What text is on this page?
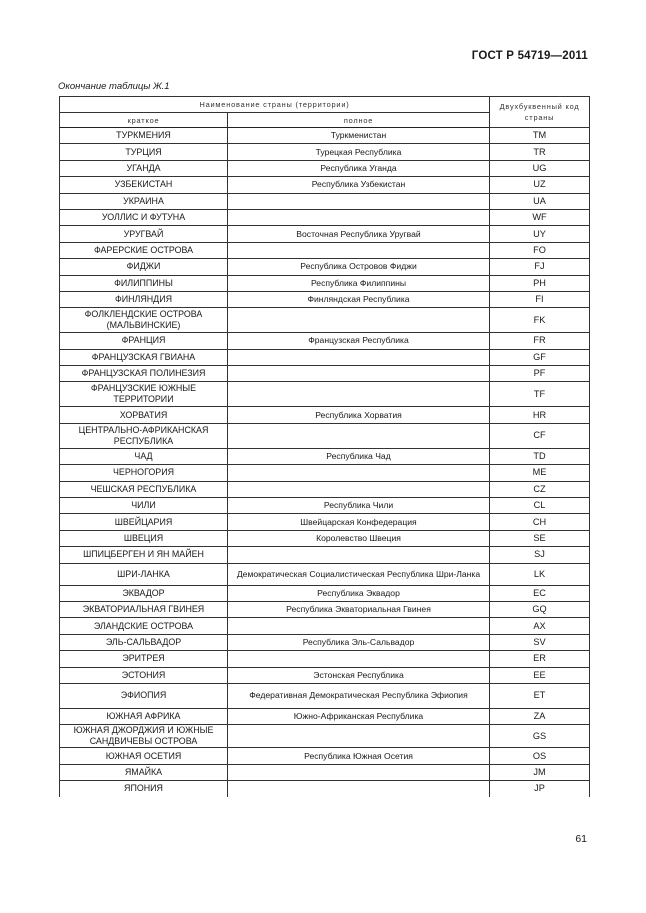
ГОСТ Р 54719—2011
Окончание таблицы Ж.1
Наименование страны (территории)		Двухбуквенный код страны
краткое	полное	
ТУРКМЕНИЯ	Туркменистан	TM
ТУРЦИЯ	Турецкая Республика	TR
УГАНДА	Республика Уганда	UG
УЗБЕКИСТАН	Республика Узбекистан	UZ
УКРАИНА		UA
УОЛЛИС И ФУТУНА		WF
УРУГВАЙ	Восточная Республика Уругвай	UY
ФАРЕРСКИЕ ОСТРОВА		FO
ФИДЖИ	Республика Островов Фиджи	FJ
ФИЛИППИНЫ	Республика Филиппины	PH
ФИНЛЯНДИЯ	Финляндская Республика	FI
ФОЛКЛЕНДСКИЕ ОСТРОВА (МАЛЬВИНСКИЕ)		FK
ФРАНЦИЯ	Французская Республика	FR
ФРАНЦУЗСКАЯ ГВИАНА		GF
ФРАНЦУЗСКАЯ ПОЛИНЕЗИЯ		PF
ФРАНЦУЗСКИЕ ЮЖНЫЕ ТЕРРИТОРИИ		TF
ХОРВАТИЯ	Республика Хорватия	HR
ЦЕНТРАЛЬНО-АФРИКАНСКАЯ РЕСПУБЛИКА		CF
ЧАД	Республика Чад	TD
ЧЕРНОГОРИЯ		ME
ЧЕШСКАЯ РЕСПУБЛИКА		CZ
ЧИЛИ	Республика Чили	CL
ШВЕЙЦАРИЯ	Швейцарская Конфедерация	CH
ШВЕЦИЯ	Королевство Швеция	SE
ШПИЦБЕРГЕН И ЯН МАЙЕН		SJ
ШРИ-ЛАНКА	Демократическая Социалистическая Республика Шри-Ланка	LK
ЭКВАДОР	Республика Эквадор	EC
ЭКВАТОРИАЛЬНАЯ ГВИНЕЯ	Республика Экваториальная Гвинея	GQ
ЭЛАНДСКИЕ ОСТРОВА		AX
ЭЛЬ-САЛЬВАДОР	Республика Эль-Сальвадор	SV
ЭРИТРЕЯ		ER
ЭСТОНИЯ	Эстонская Республика	EE
ЭФИОПИЯ	Федеративная Демократическая Республика Эфиопия	ET
ЮЖНАЯ АФРИКА	Южно-Африканская Республика	ZA
ЮЖНАЯ ДЖОРДЖИЯ И ЮЖНЫЕ САНДВИЧЕВЫ ОСТРОВА		GS
ЮЖНАЯ ОСЕТИЯ	Республика Южная Осетия	OS
ЯМАЙКА		JM
ЯПОНИЯ		JP
61
